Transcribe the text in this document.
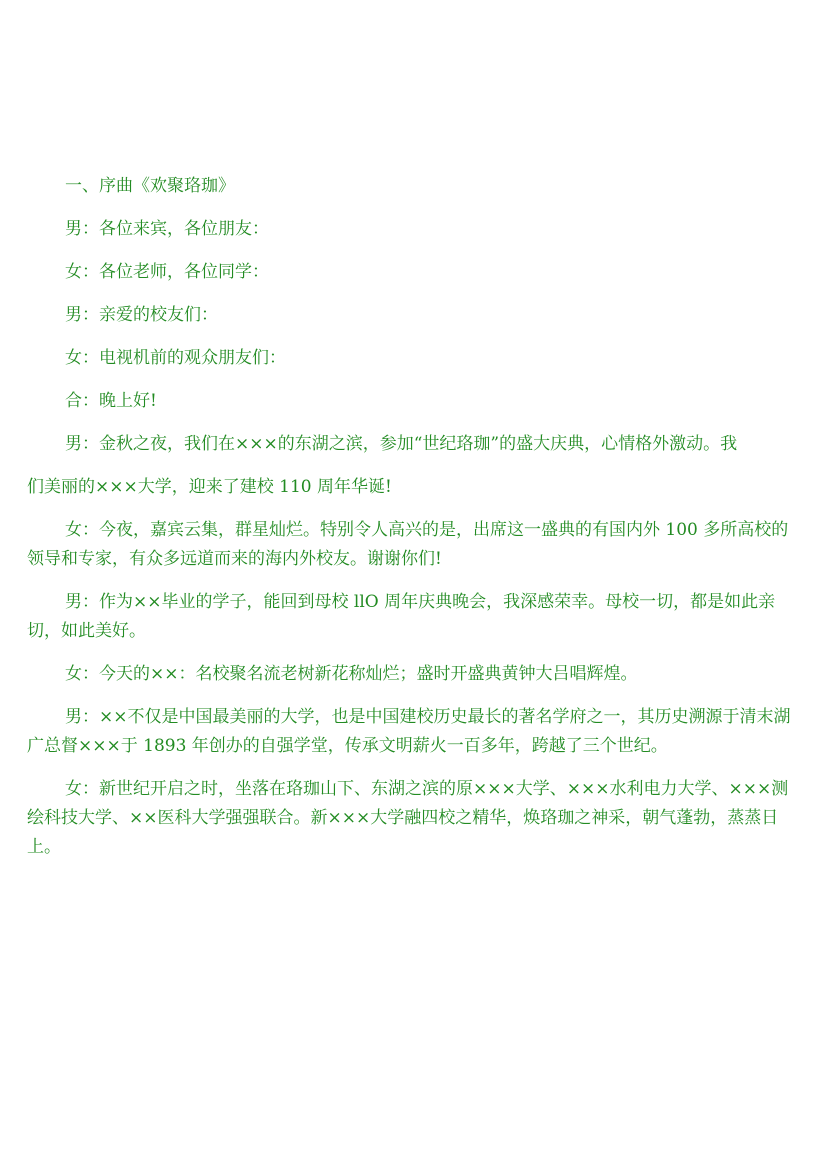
一、序曲《欢聚珞珈》

男：各位来宾，各位朋友：

女：各位老师，各位同学：

男：亲爱的校友们：

女：电视机前的观众朋友们：

合：晚上好!

男：金秋之夜，我们在×××的东湖之滨，参加“世纪珞珈”的盛大庆典，心情格外激动。我

们美丽的×××大学，迎来了建校 110 周年华诞!

女：今夜，嘉宾云集，群星灿烂。特别令人高兴的是，出席这一盛典的有国内外 100 多所高校的领导和专家，有众多远道而来的海内外校友。谢谢你们!

男：作为××毕业的学子，能回到母校 llO 周年庆典晚会，我深感荣幸。母校一切，都是如此亲切，如此美好。

女：今天的××：名校聚名流老树新花称灿烂；盛时开盛典黄钟大吕唱辉煌。

男：××不仅是中国最美丽的大学，也是中国建校历史最长的著名学府之一，其历史溯源于清末湖广总督×××于 1893 年创办的自强学堂，传承文明薪火一百多年，跨越了三个世纪。

女：新世纪开启之时，坐落在珞珈山下、东湖之滨的原×××大学、×××水利电力大学、×××测绘科技大学、××医科大学强强联合。新×××大学融四校之精华，焕珞珈之神采，朝气蓬勃，蒸蒸日上。
